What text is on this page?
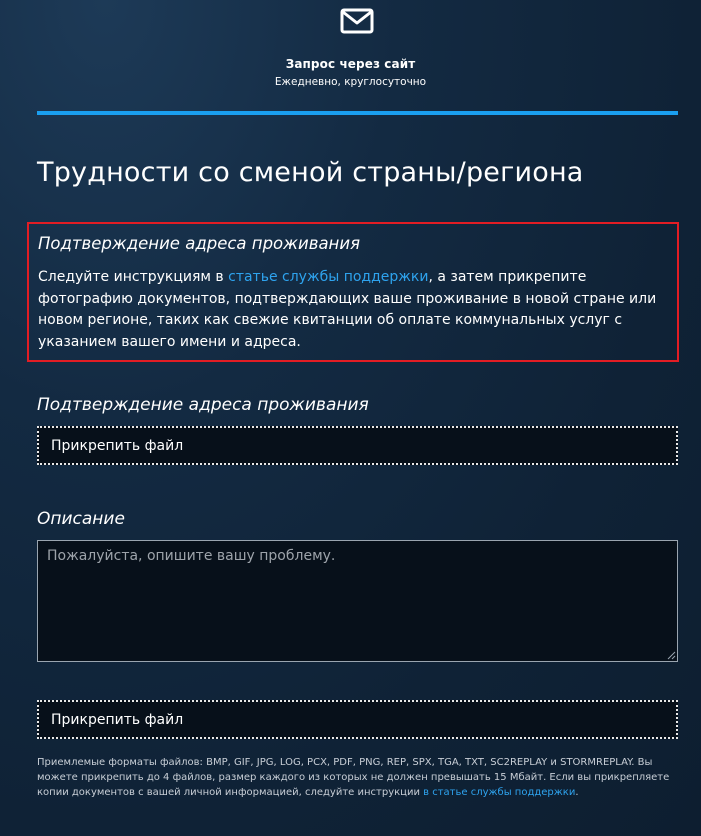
Запрос через сайт
Ежедневно, круглосуточно
Трудности со сменой страны/региона
Подтверждение адреса проживания
Следуйте инструкциям в статье службы поддержки, а затем прикрепите фотографию документов, подтверждающих ваше проживание в новой стране или новом регионе, таких как свежие квитанции об оплате коммунальных услуг с указанием вашего имени и адреса.
Подтверждение адреса проживания
Прикрепить файл
Описание
Пожалуйста, опишите вашу проблему.
Прикрепить файл
Приемлемые форматы файлов: BMP, GIF, JPG, LOG, PCX, PDF, PNG, REP, SPX, TGA, TXT, SC2REPLAY и STORMREPLAY. Вы можете прикрепить до 4 файлов, размер каждого из которых не должен превышать 15 Мбайт. Если вы прикрепляете копии документов с вашей личной информацией, следуйте инструкции в статье службы поддержки.
